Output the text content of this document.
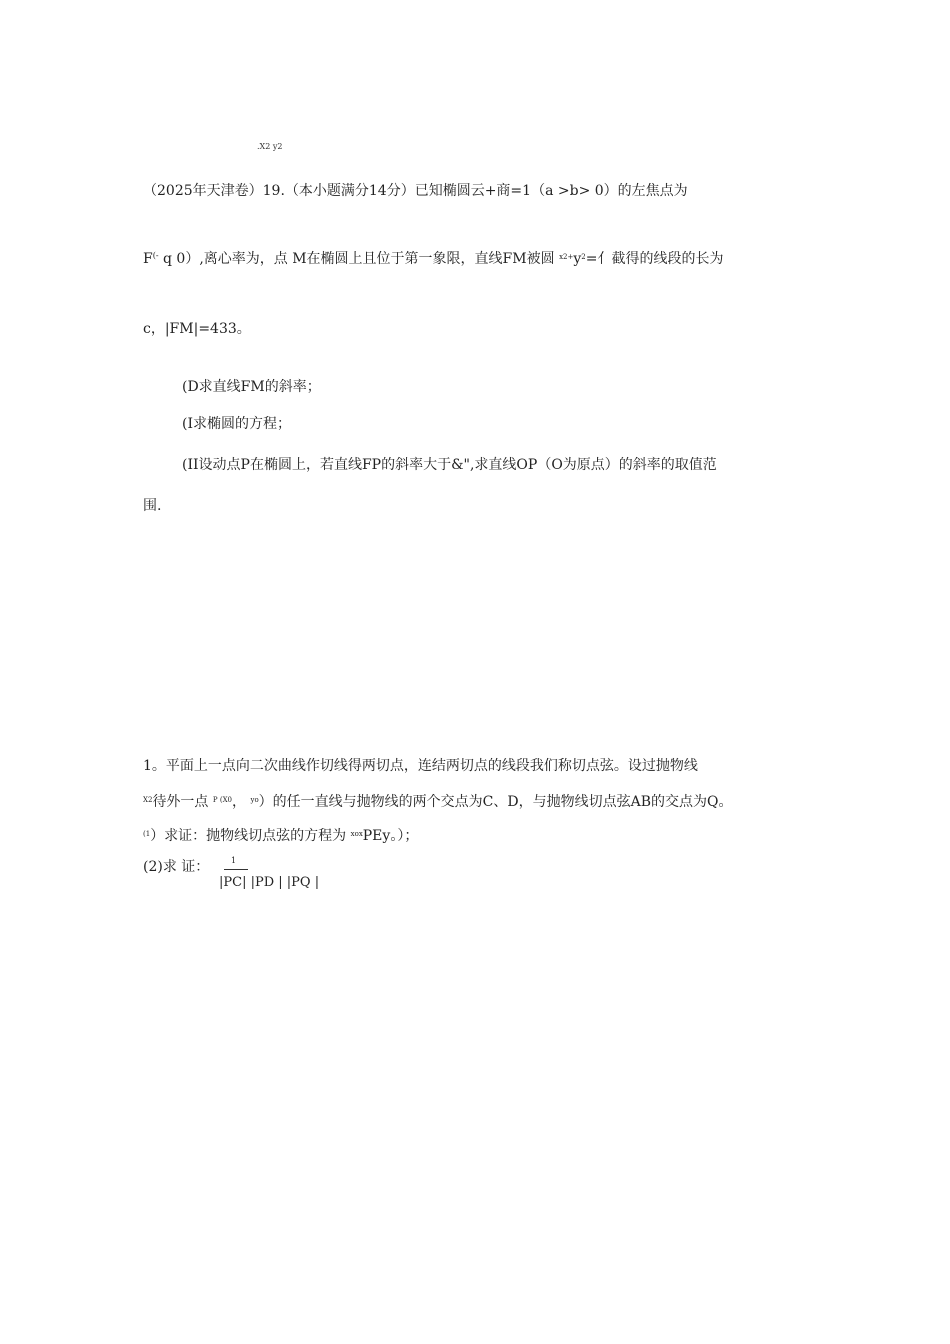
.X2 y2
（2025年天津卷）19.（本小题满分14分）已知椭圆云+商=1（a >b> 0）的左焦点为
F(- q 0）,离心率为，点 M在椭圆上且位于第一象限，直线FM被圆 $^{x2+}y^2=$亻截得的线段的长为
c，|FM|=433。
(D求直线FM的斜率；
(I求椭圆的方程；
(II设动点P在椭圆上，若直线FP的斜率大于&",求直线OP（O为原点）的斜率的取值范
围.
1。平面上一点向二次曲线作切线得两切点，连结两切点的线段我们称切点弦。设过抛物线
$^{X2}$待外一点 $^{P (X0}$， $^{yo}$）的任一直线与抛物线的两个交点为C、D，与抛物线切点弦AB的交点为Q。
$^{(1}$）求证：抛物线切点弦的方程为 $^{xox}$PEy。）；
(2)求 证：	1
|PC| |PD | |PQ |
